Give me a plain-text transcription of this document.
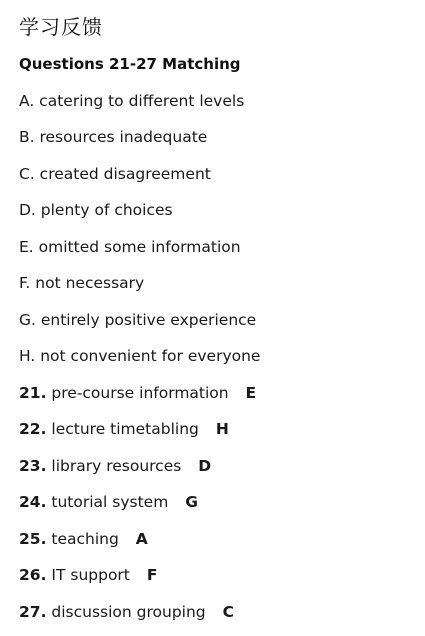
学习反馈
Questions 21-27 Matching
A. catering to different levels
B. resources inadequate
C. created disagreement
D. plenty of choices
E. omitted some information
F. not necessary
G. entirely positive experience
H. not convenient for everyone
21. pre-course information E
22. lecture timetabling H
23. library resources D
24. tutorial system G
25. teaching A
26. IT support F
27. discussion grouping C
